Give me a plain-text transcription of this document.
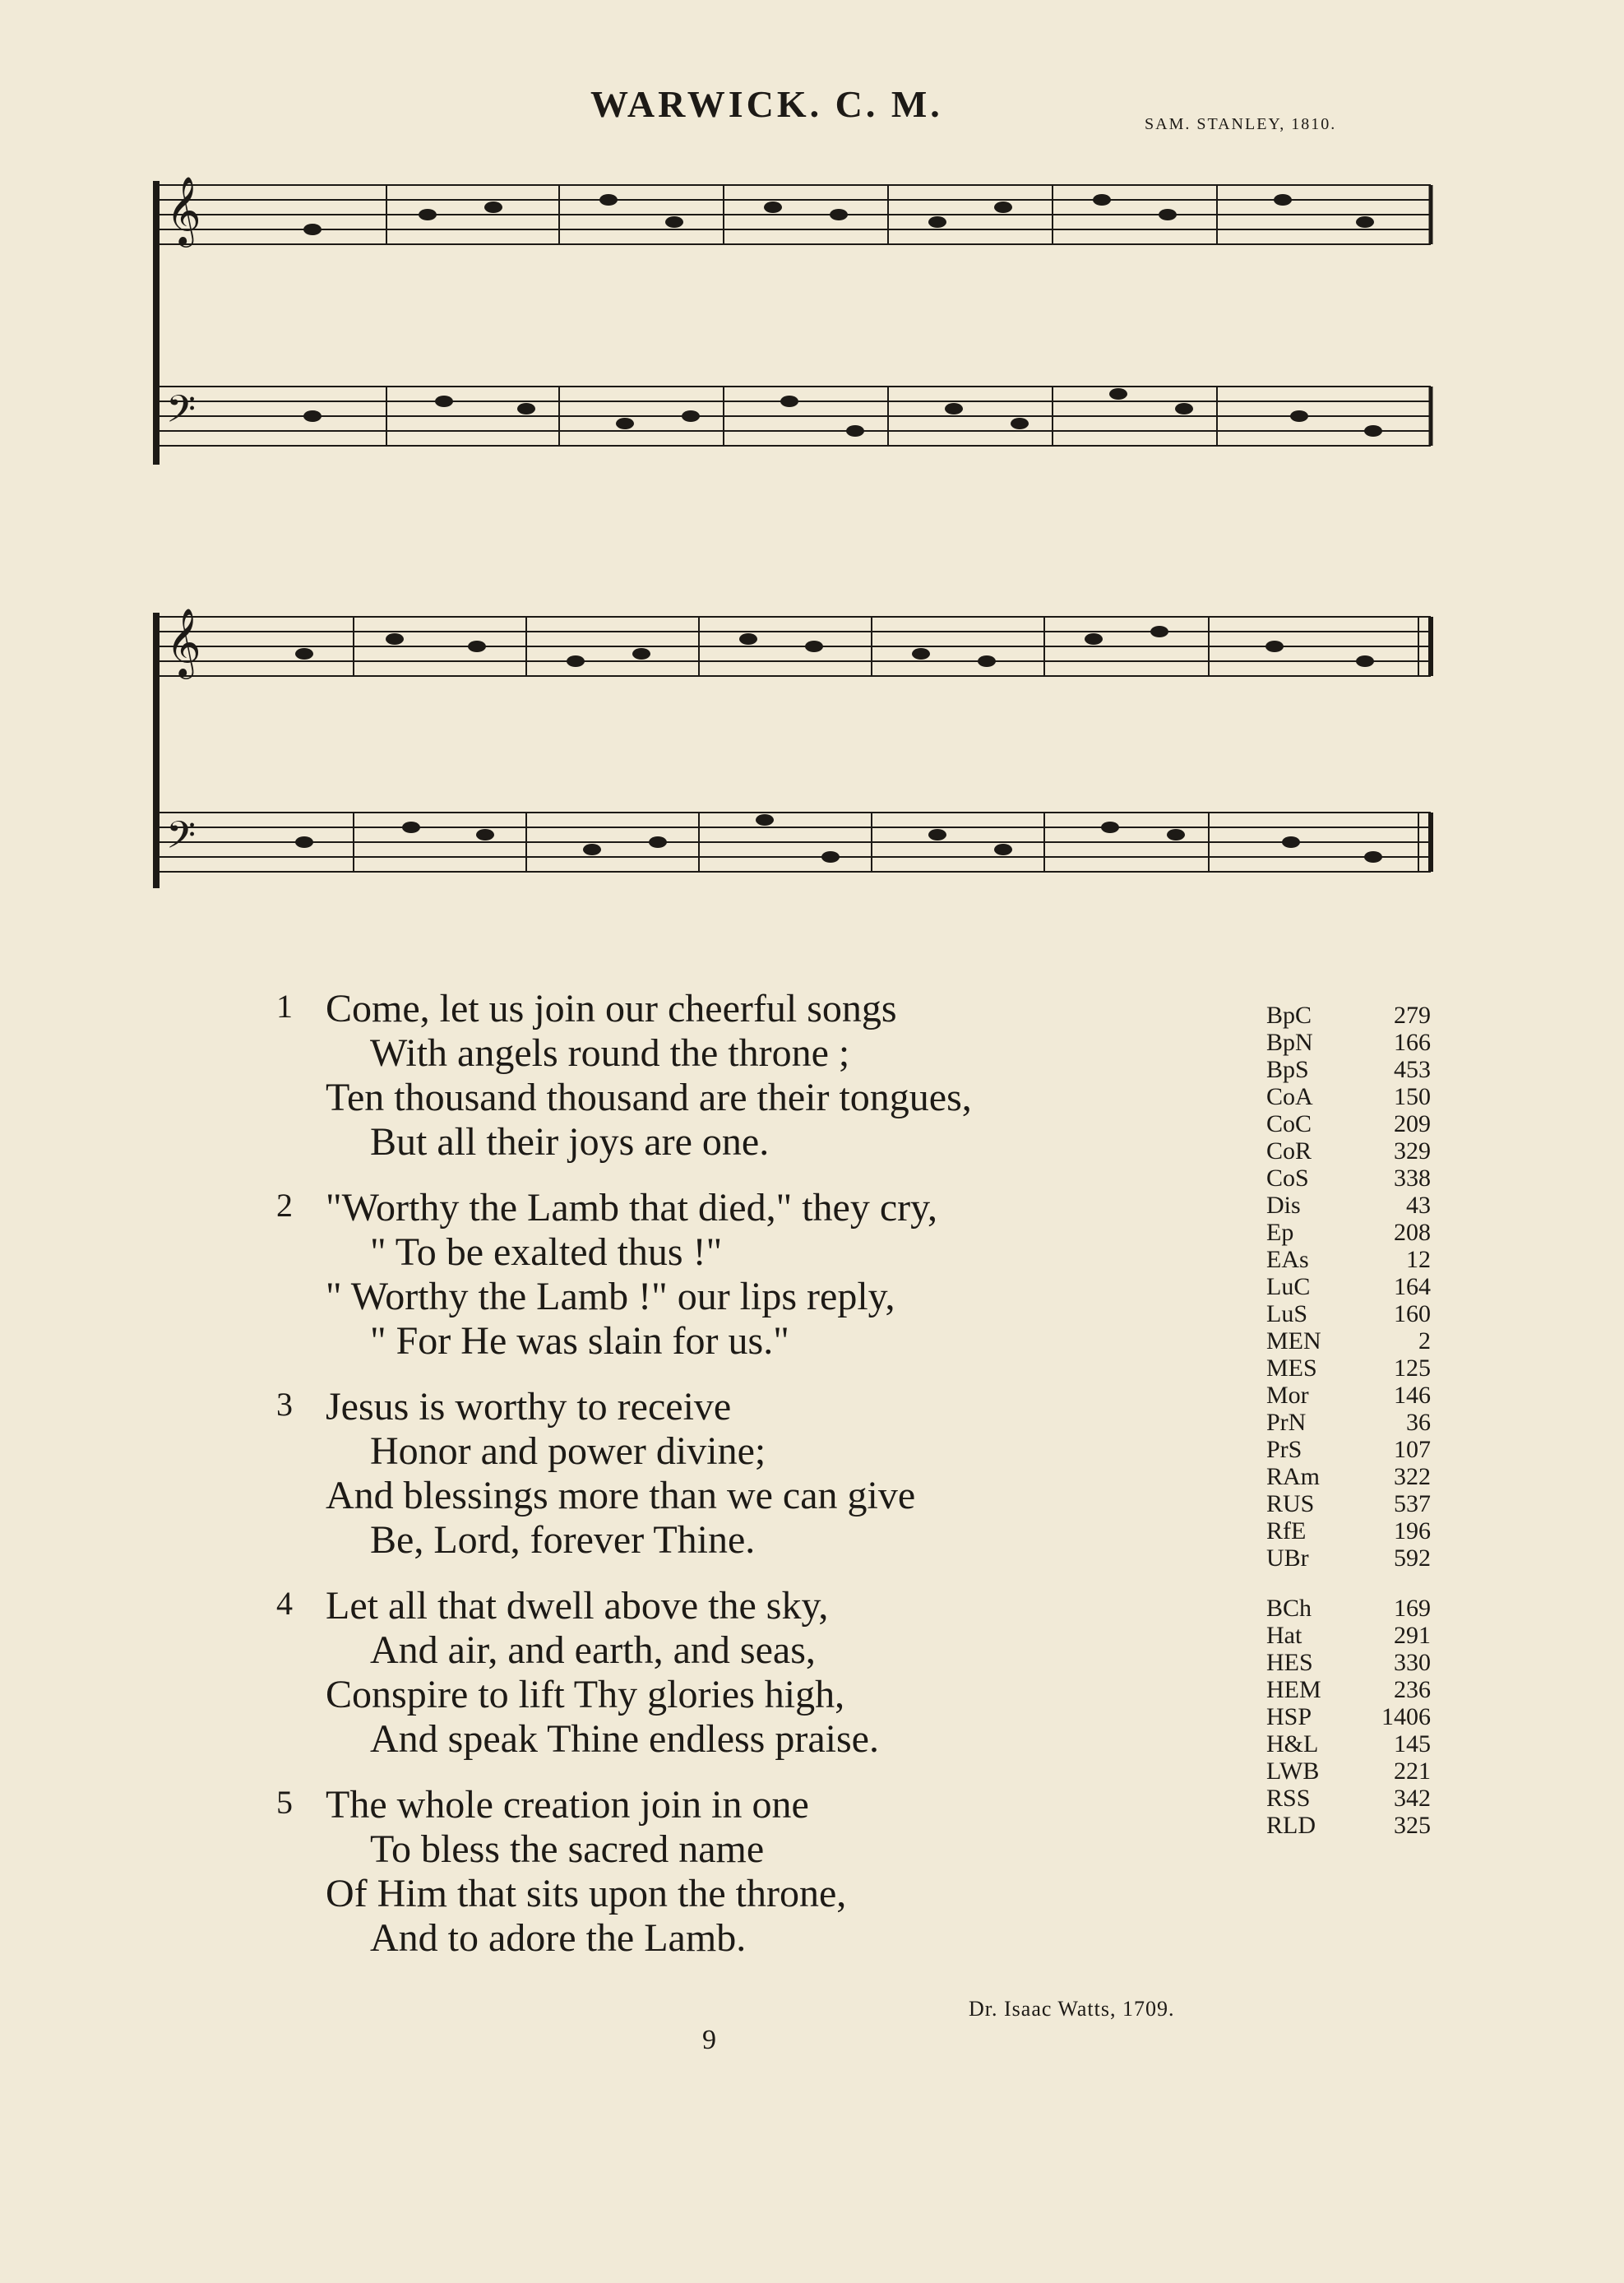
WARWICK. C. M.	SAM. STANLEY, 1810.
𝄞
𝄢
𝄞
𝄢
1 Come, let us join our cheerful songs
With angels round the throne ;
Ten thousand thousand are their tongues,
But all their joys are one.
2 "Worthy the Lamb that died," they cry,
" To be exalted thus !"
" Worthy the Lamb !" our lips reply,
" For He was slain for us."
3 Jesus is worthy to receive
Honor and power divine;
And blessings more than we can give
Be, Lord, forever Thine.
4 Let all that dwell above the sky,
And air, and earth, and seas,
Conspire to lift Thy glories high,
And speak Thine endless praise.
5 The whole creation join in one
To bless the sacred name
Of Him that sits upon the throne,
And to adore the Lamb.
BpC	279
BpN	166
BpS	453
CoA	150
CoC	209
CoR	329
CoS	338
Dis	43
Ep	208
EAs	12
LuC	164
LuS	160
MEN	2
MES	125
Mor	146
PrN	36
PrS	107
RAm	322
RUS	537
RfE	196
UBr	592
BCh	169
Hat	291
HES	330
HEM	236
HSP	1406
H&L	145
LWB	221
RSS	342
RLD	325
Dr. Isaac Watts, 1709.
9
